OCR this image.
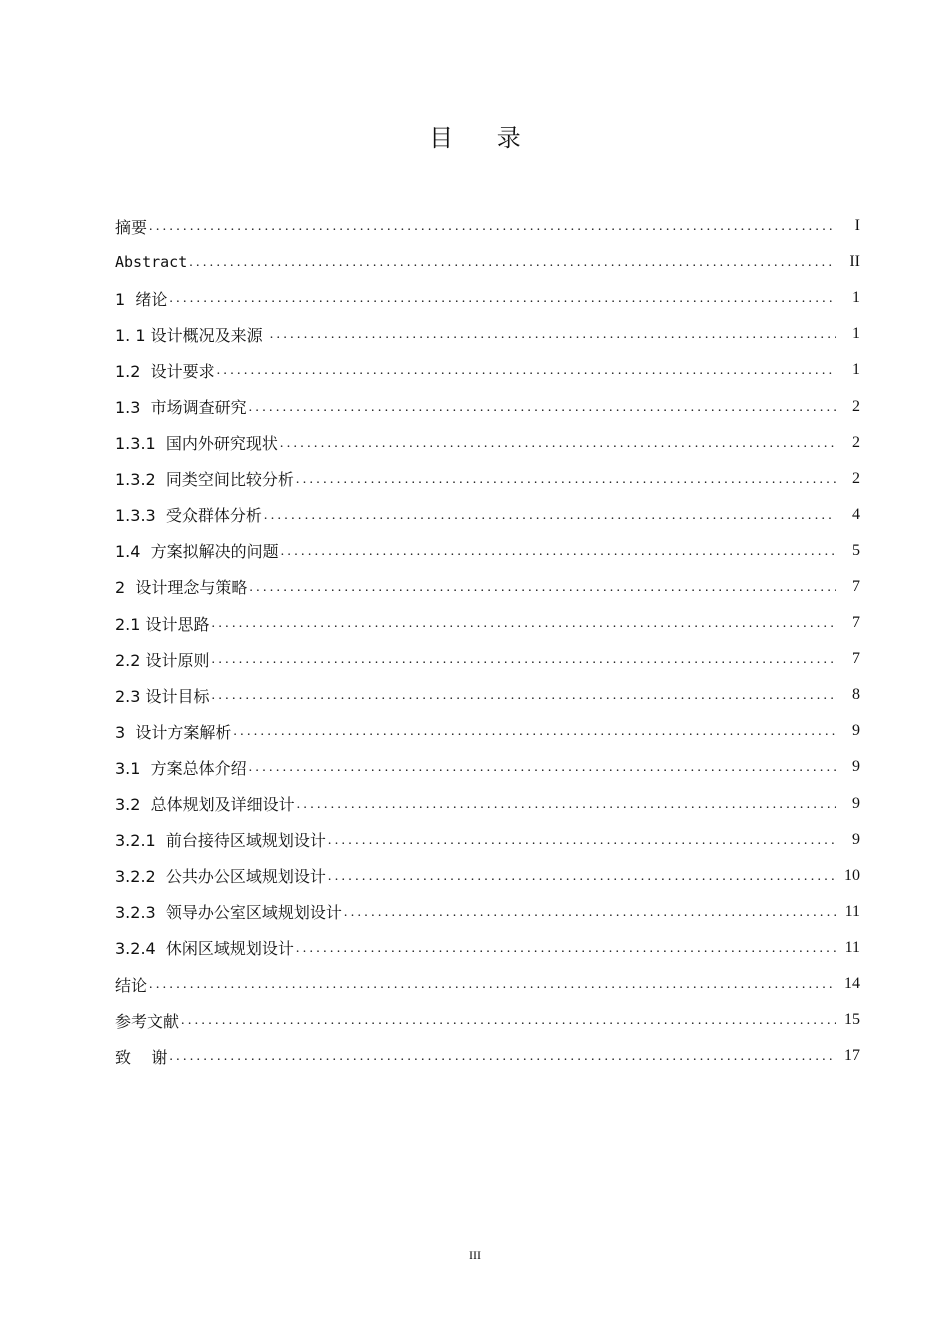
目 录
摘要 .....	I
Abstract .....	II
1  绪论 .....	1
1. 1 设计概况及来源 .....	1
1.2  设计要求 .....	1
1.3  市场调查研究 .....	2
1.3.1  国内外研究现状 .....	2
1.3.2  同类空间比较分析 .....	2
1.3.3  受众群体分析 .....	4
1.4  方案拟解决的问题 .....	5
2  设计理念与策略 .....	7
2.1 设计思路 .....	7
2.2 设计原则 .....	7
2.3 设计目标 .....	8
3  设计方案解析 .....	9
3.1  方案总体介绍 .....	9
3.2  总体规划及详细设计 .....	9
3.2.1  前台接待区域规划设计 .....	9
3.2.2  公共办公区域规划设计 .....	10
3.2.3  领导办公室区域规划设计 .....	11
3.2.4  休闲区域规划设计 .....	11
结论 .....	14
参考文献 .....	15
致    谢 .....	17
III
